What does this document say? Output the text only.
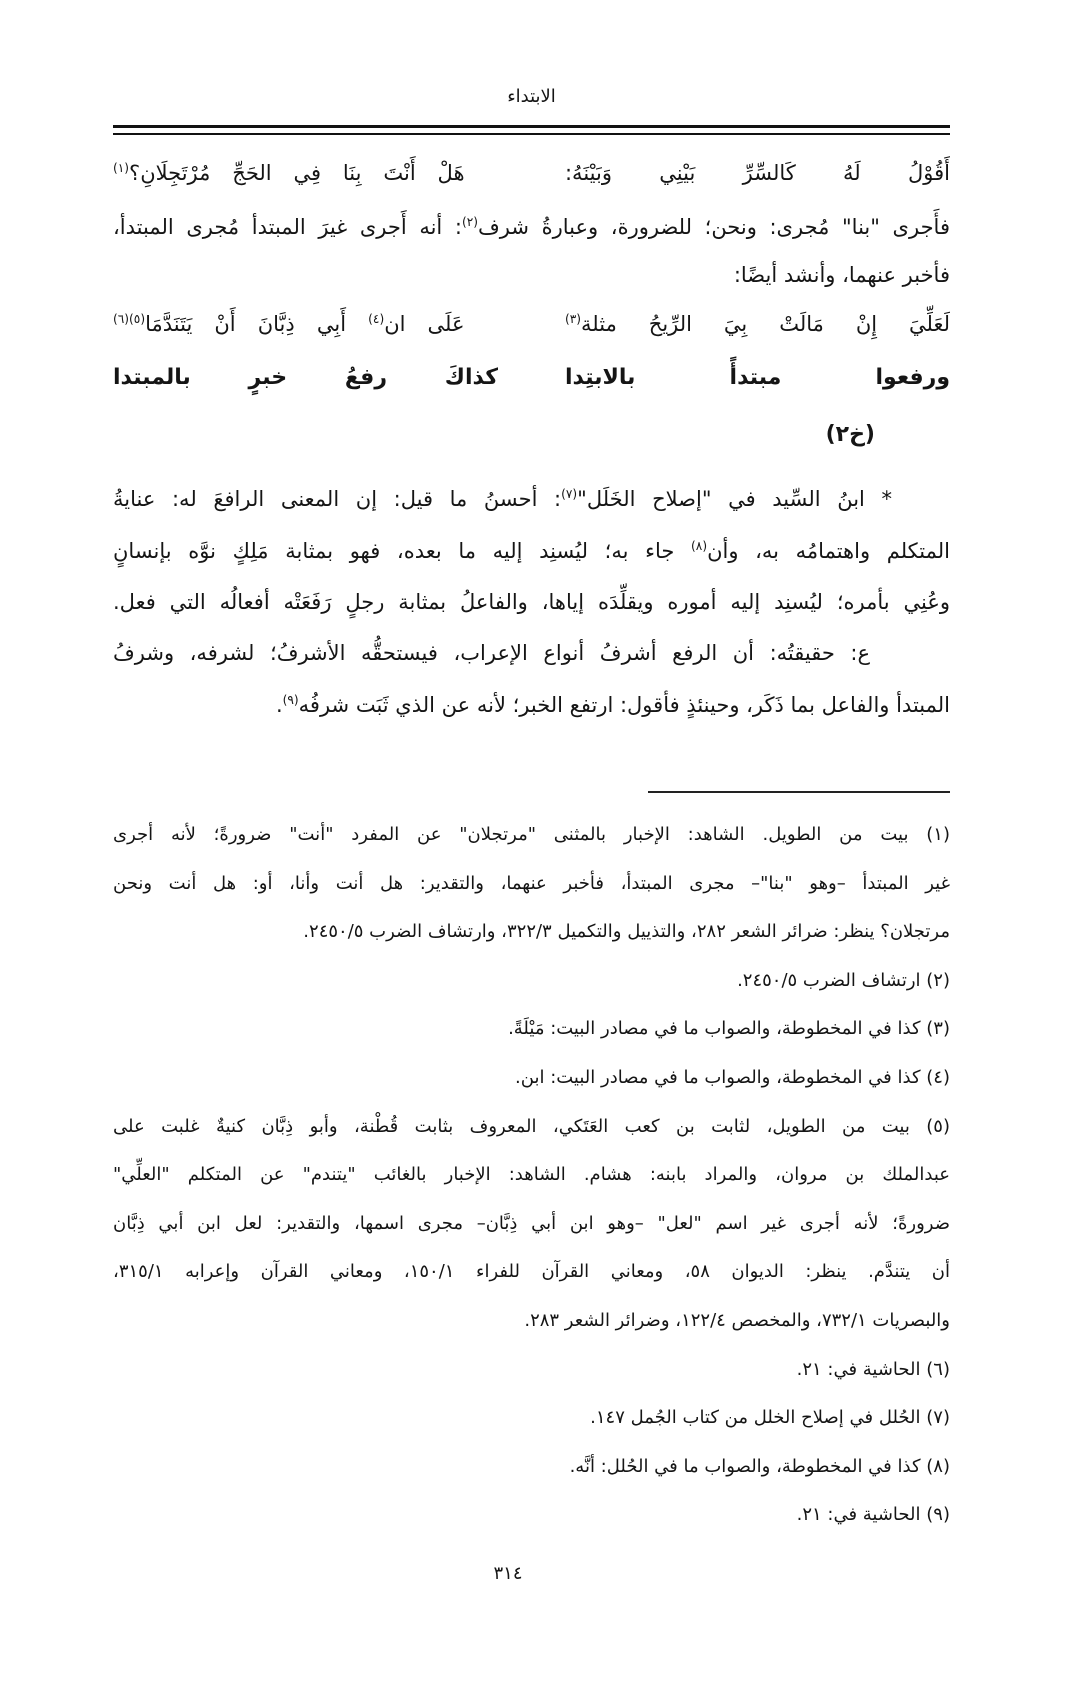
الابتداء
أَقُوْلُ لَهُ كَالسِّرِّ بَيْنِي وَبَيْنَهُ:
هَلْ أَنْتَ بِنَا فِي الحَجِّ مُرْتَجِلَانِ؟$^{(١)}$
فأَجرى "بنا" مُجرى: ونحن؛ للضرورة، وعبارةُ شرف$^{(٢)}$: أنه أَجرى غيرَ المبتدأ مُجرى المبتدأ،
فأخبر عنهما، وأنشد أيضًا:
لَعَلِّيَ إِنْ مَالَتْ بِيَ الرِّيحُ مثلة$^{(٣)}$
عَلَى ان$^{(٤)}$ أَبِي ذِبَّانَ أَنْ يَتَنَدَّمَا$^{(٥)(٦)}$
ورفعوا مبتدأً بالابتِدا
كذاكَ رفعُ خبرٍ بالمبتدا
(خ٢)
* ابنُ السِّيد في "إصلاح الخَلَل"$^{(٧)}$: أحسنُ ما قيل: إن المعنى الرافعَ له: عنايةُ
المتكلم واهتمامُه به، وأن$^{(٨)}$ جاء به؛ ليُسنِد إليه ما بعده، فهو بمثابة مَلِكٍ نوَّه بإنسانٍ
وعُنِي بأمره؛ ليُسنِد إليه أموره ويقلِّدَه إياها، والفاعلُ بمثابة رجلٍ رَفَعَتْه أفعالُه التي فعل.
ع: حقيقتُه: أن الرفع أشرفُ أنواع الإعراب، فيستحقُّه الأشرفُ؛ لشرفه، وشرفُ
المبتدأ والفاعل بما ذَكَر، وحينئذٍ فأقول: ارتفع الخبر؛ لأنه عن الذي ثَبَت شرفُه$^{(٩)}$.
(١) بيت من الطويل. الشاهد: الإخبار بالمثنى "مرتجلان" عن المفرد "أنت" ضرورةً؛ لأنه أجرى
غير المبتدأ –وهو "بنا"– مجرى المبتدأ، فأخبر عنهما، والتقدير: هل أنت وأنا، أو: هل أنت ونحن
مرتجلان؟ ينظر: ضرائر الشعر ٢٨٢، والتذييل والتكميل ٣٢٢/٣، وارتشاف الضرب ٢٤٥٠/٥.
(٢) ارتشاف الضرب ٢٤٥٠/٥.
(٣) كذا في المخطوطة، والصواب ما في مصادر البيت: مَيْلَةً.
(٤) كذا في المخطوطة، والصواب ما في مصادر البيت: ابن.
(٥) بيت من الطويل، لثابت بن كعب العَتَكي، المعروف بثابت قُطْنة، وأبو ذِبَّان كنيةٌ غلبت على
عبدالملك بن مروان، والمراد بابنه: هشام. الشاهد: الإخبار بالغائب "يتندم" عن المتكلم "العلِّي"
ضرورةً؛ لأنه أجرى غير اسم "لعل" –وهو ابن أبي ذِبَّان– مجرى اسمها، والتقدير: لعل ابن أبي ذِبَّان
أن يتندَّم. ينظر: الديوان ٥٨، ومعاني القرآن للفراء ١٥٠/١، ومعاني القرآن وإعرابه ٣١٥/١،
والبصريات ٧٣٢/١، والمخصص ١٢٢/٤، وضرائر الشعر ٢٨٣.
(٦) الحاشية في: ٢١.
(٧) الحُلل في إصلاح الخلل من كتاب الجُمل ١٤٧.
(٨) كذا في المخطوطة، والصواب ما في الحُلل: أنَّه.
(٩) الحاشية في: ٢١.
٣١٤
